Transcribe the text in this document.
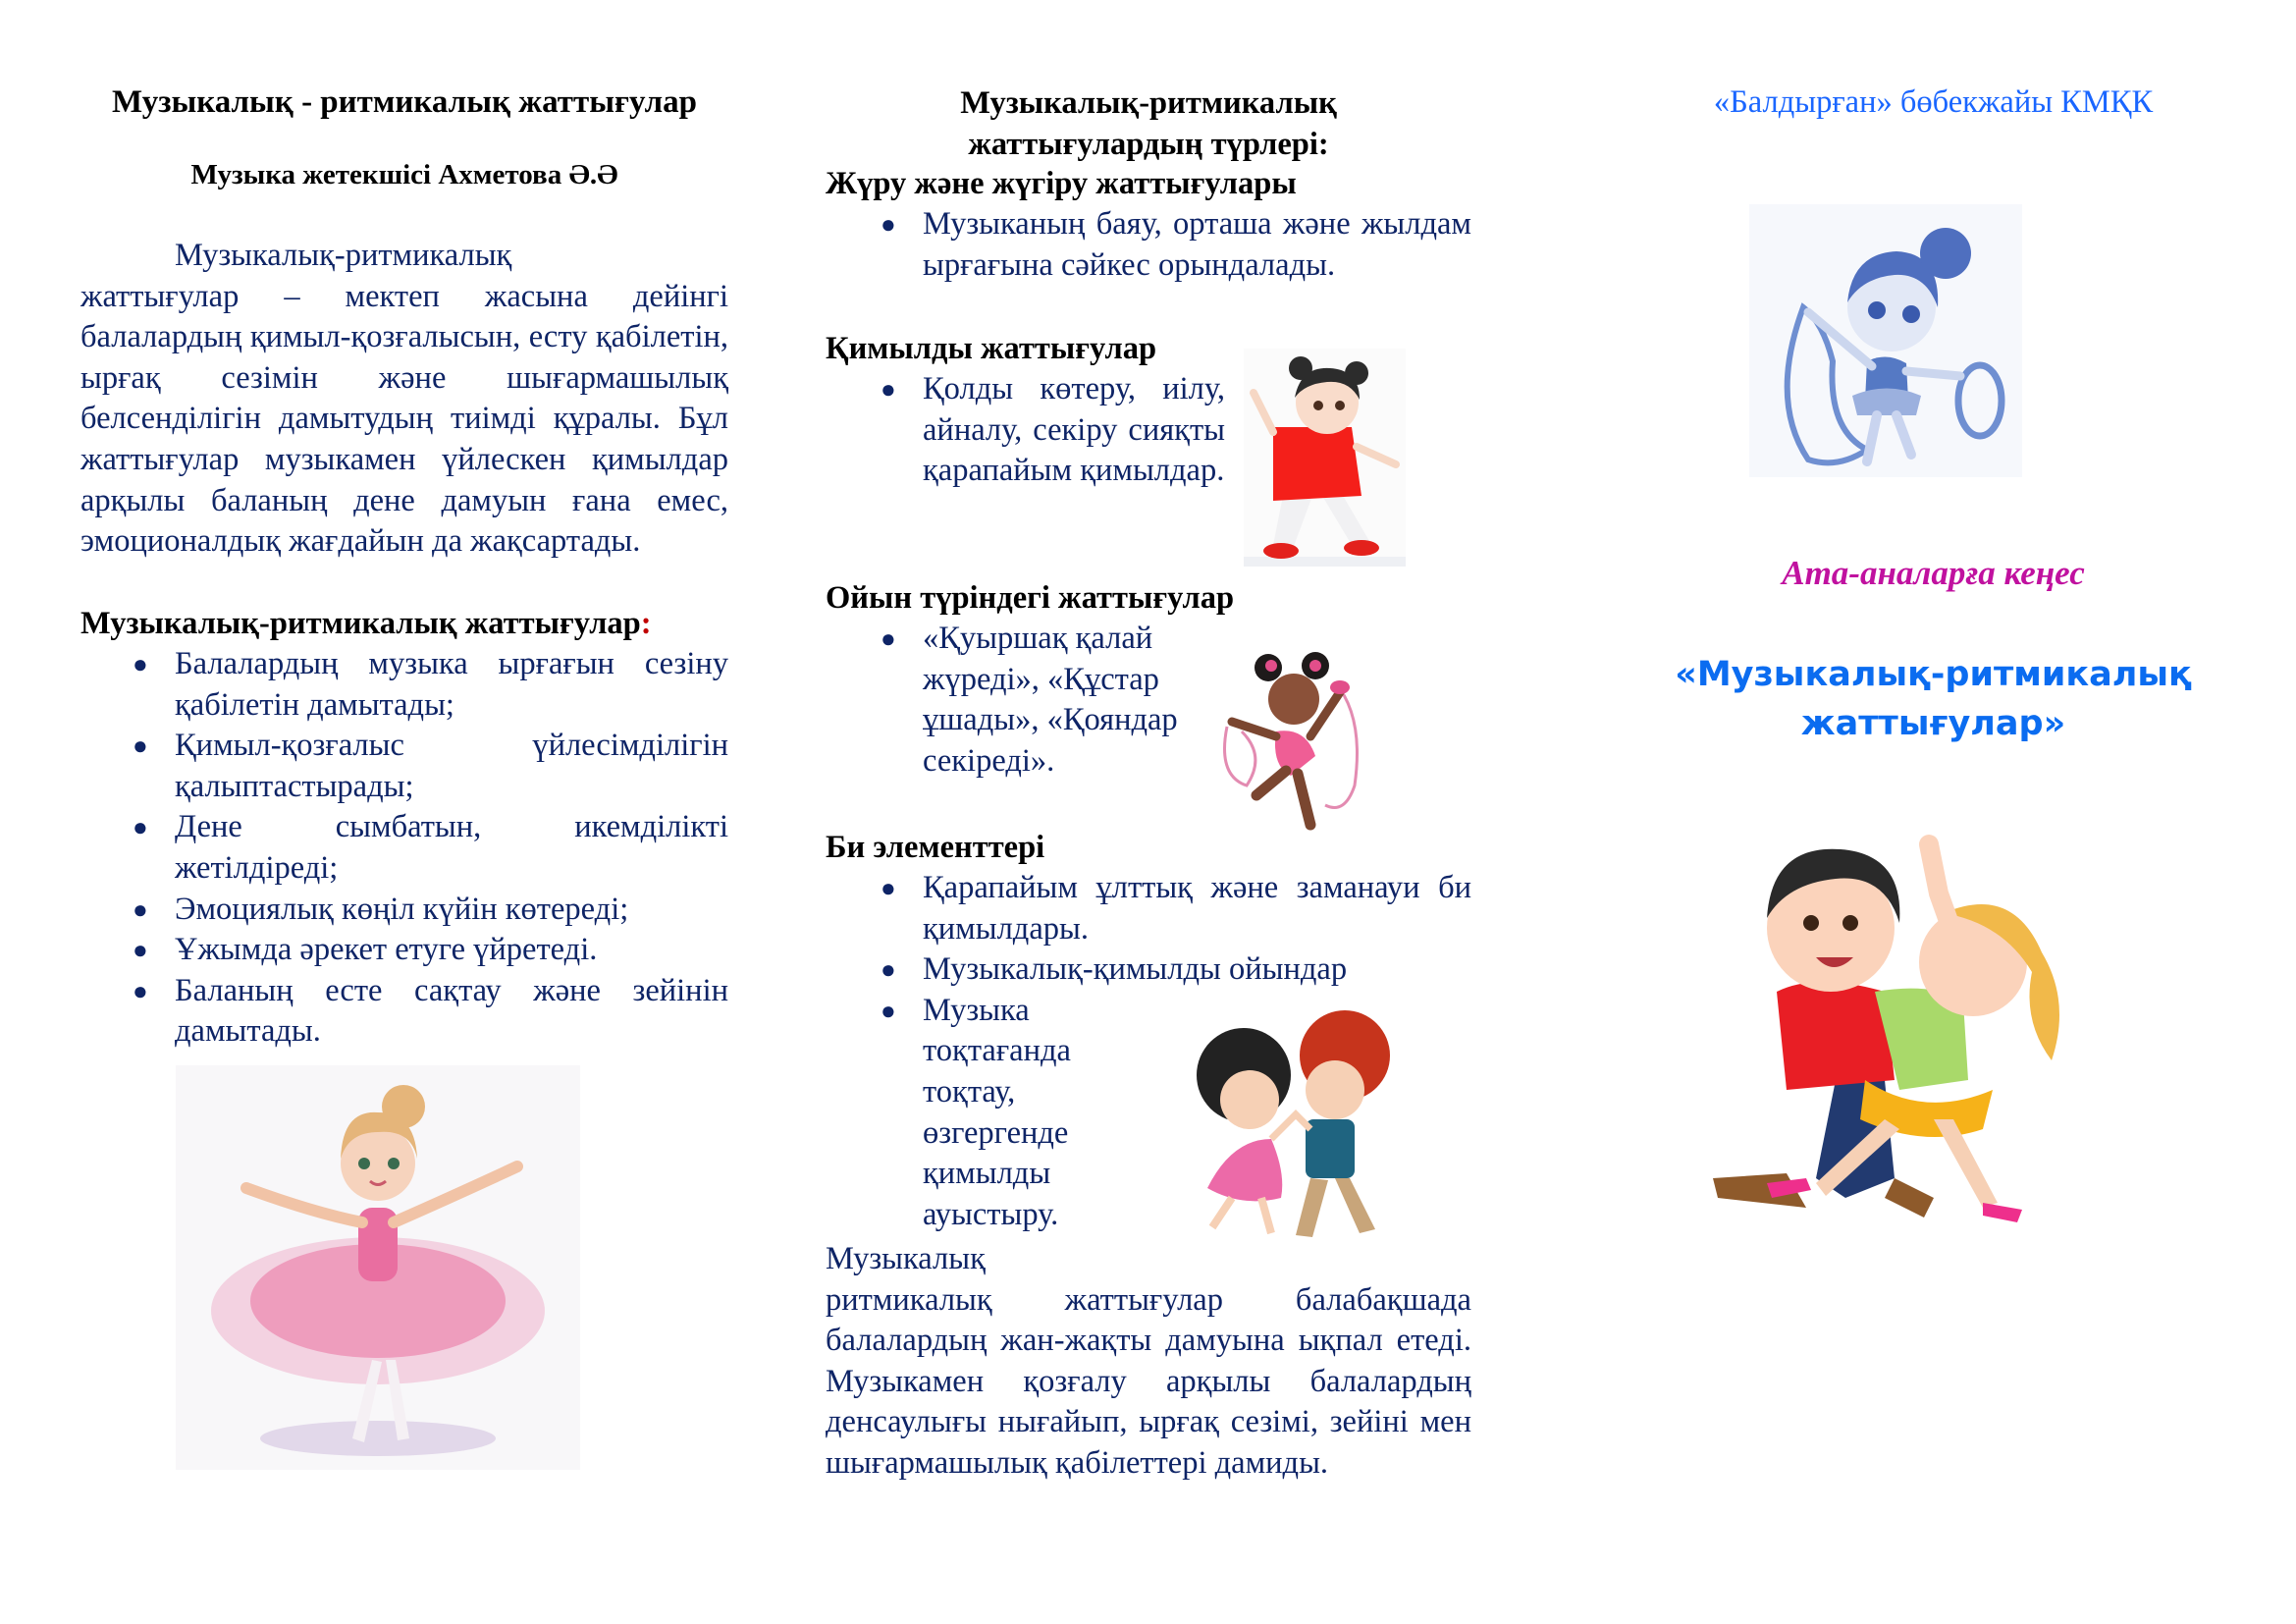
Музыкалық - ритмикалық жаттығулар
Музыка жетекшісі Ахметова Ә.Ә
Музыкалық-ритмикалық
жаттығулар – мектеп жасына дейінгі балалардың қимыл-қозғалысын, есту қабілетін, ырғақ сезімін және шығармашылық белсенділігін дамытудың тиімді құралы. Бұл жаттығулар музыкамен үйлескен қимылдар арқылы баланың дене дамуын ғана емес, эмоционалдық жағдайын да жақсартады.
Музыкалық-ритмикалық жаттығулар:
● Балалардың музыка ырғағын сезіну қабілетін дамытады;
● Қимыл-қозғалыс үйлесімділігін қалыптастырады;
● Дене сымбатын, икемділікті жетілдіреді;
● Эмоциялық көңіл күйін көтереді;
● Ұжымда әрекет етуге үйретеді.
● Баланың есте сақтау және зейінін дамытады.
Музыкалық-ритмикалық
жаттығулардың түрлері:
Жүру және жүгіру жаттығулары
● Музыканың баяу, орташа және жылдам ырғағына сәйкес орындалады.
Қимылды жаттығулар
● Қолды көтеру, иілу, айналу, секіру сияқты қарапайым қимылдар.
Ойын түріндегі жаттығулар
● «Қуыршақ қалай жүреді», «Құстар ұшады», «Қояндар секіреді».
Би элементтері
● Қарапайым ұлттық және заманауи би қимылдары.
● Музыкалық-қимылды ойындар
● Музыка тоқтағанда тоқтау, өзгергенде қимылды ауыстыру.
Музыкалық
ритмикалық жаттығулар балабақшада балалардың жан-жақты дамуына ықпал етеді. Музыкамен қозғалу арқылы балалардың денсаулығы нығайып, ырғақ сезімі, зейіні мен шығармашылық қабілеттері дамиды.
«Балдырған» бөбекжайы КМҚК
Ата-аналарға кеңес
«Музыкалық-ритмикалық
жаттығулар»
